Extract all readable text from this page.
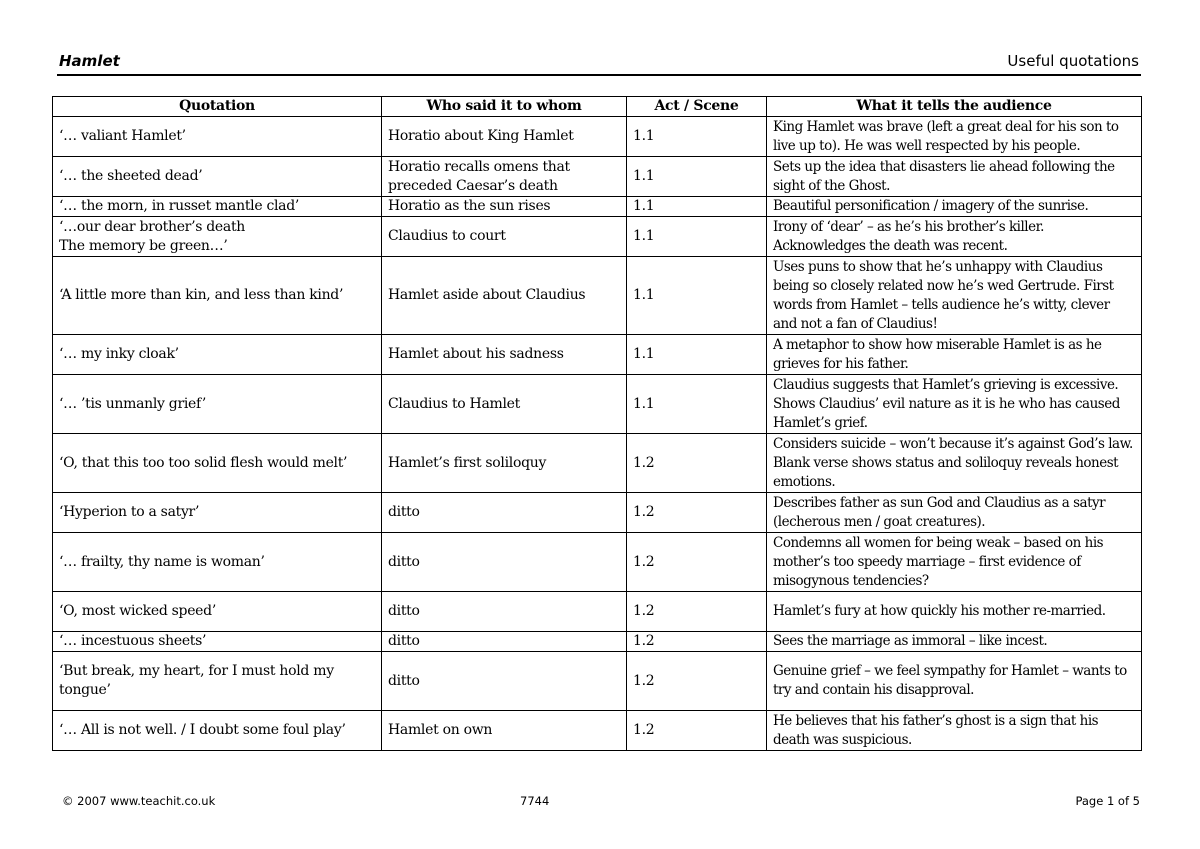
Hamlet	Useful quotations
Quotation	Who said it to whom	Act / Scene	What it tells the audience
‘… valiant Hamlet’	Horatio about King Hamlet	1.1	King Hamlet was brave (left a great deal for his son to live up to). He was well respected by his people.
‘… the sheeted dead’	Horatio recalls omens that preceded Caesar’s death	1.1	Sets up the idea that disasters lie ahead following the sight of the Ghost.
‘… the morn, in russet mantle clad’	Horatio as the sun rises	1.1	Beautiful personification / imagery of the sunrise.
‘…our dear brother’s death
The memory be green…’	Claudius to court	1.1	Irony of ‘dear’ – as he’s his brother’s killer. Acknowledges the death was recent.
‘A little more than kin, and less than kind’	Hamlet aside about Claudius	1.1	Uses puns to show that he’s unhappy with Claudius being so closely related now he’s wed Gertrude. First words from Hamlet – tells audience he’s witty, clever and not a fan of Claudius!
‘… my inky cloak’	Hamlet about his sadness	1.1	A metaphor to show how miserable Hamlet is as he grieves for his father.
‘… ’tis unmanly grief’	Claudius to Hamlet	1.1	Claudius suggests that Hamlet’s grieving is excessive. Shows Claudius’ evil nature as it is he who has caused Hamlet’s grief.
‘O, that this too too solid flesh would melt’	Hamlet’s first soliloquy	1.2	Considers suicide – won’t because it’s against God’s law. Blank verse shows status and soliloquy reveals honest emotions.
‘Hyperion to a satyr’	ditto	1.2	Describes father as sun God and Claudius as a satyr (lecherous men / goat creatures).
‘… frailty, thy name is woman’	ditto	1.2	Condemns all women for being weak – based on his mother’s too speedy marriage – first evidence of misogynous tendencies?
‘O, most wicked speed’	ditto	1.2	Hamlet’s fury at how quickly his mother re-married.
‘… incestuous sheets’	ditto	1.2	Sees the marriage as immoral – like incest.
‘But break, my heart, for I must hold my tongue’	ditto	1.2	Genuine grief – we feel sympathy for Hamlet – wants to try and contain his disapproval.
‘… All is not well. / I doubt some foul play’	Hamlet on own	1.2	He believes that his father’s ghost is a sign that his death was suspicious.
© 2007 www.teachit.co.uk	7744	Page 1 of 5
